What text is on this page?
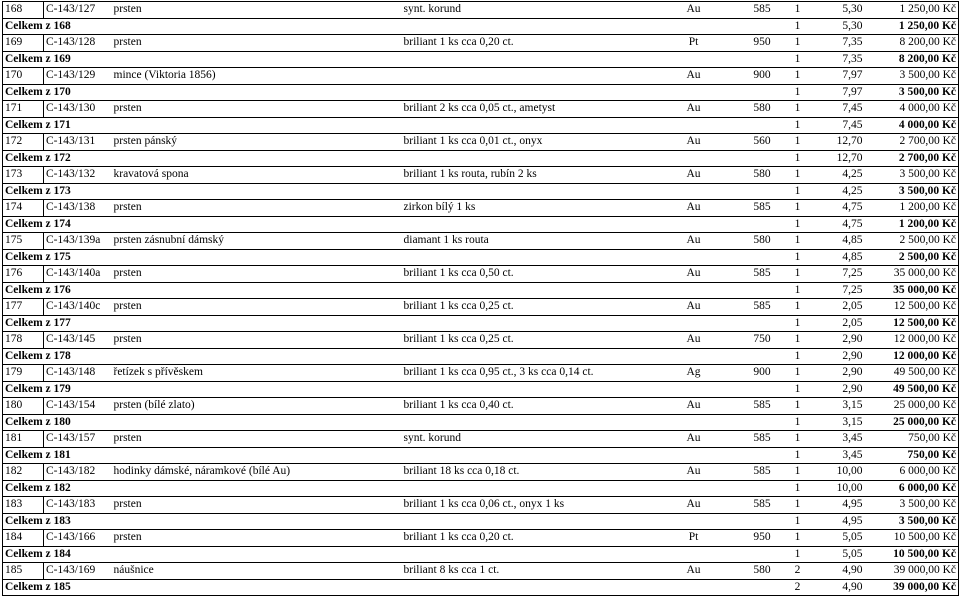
168	C-143/127	prsten	synt. korund	Au	585	1	5,30	1 250,00 Kč
Celkem z 168						1	5,30	1 250,00 Kč
169	C-143/128	prsten	briliant 1 ks cca 0,20 ct.	Pt	950	1	7,35	8 200,00 Kč
Celkem z 169						1	7,35	8 200,00 Kč
170	C-143/129	mince (Viktoria 1856)		Au	900	1	7,97	3 500,00 Kč
Celkem z 170						1	7,97	3 500,00 Kč
171	C-143/130	prsten	briliant 2 ks cca 0,05 ct., ametyst	Au	580	1	7,45	4 000,00 Kč
Celkem z 171						1	7,45	4 000,00 Kč
172	C-143/131	prsten pánský	briliant 1 ks cca 0,01 ct., onyx	Au	560	1	12,70	2 700,00 Kč
Celkem z 172						1	12,70	2 700,00 Kč
173	C-143/132	kravatová spona	briliant 1 ks routa, rubín 2 ks	Au	580	1	4,25	3 500,00 Kč
Celkem z 173						1	4,25	3 500,00 Kč
174	C-143/138	prsten	zirkon bílý 1 ks	Au	585	1	4,75	1 200,00 Kč
Celkem z 174						1	4,75	1 200,00 Kč
175	C-143/139a	prsten zásnubní dámský	diamant 1 ks routa	Au	580	1	4,85	2 500,00 Kč
Celkem z 175						1	4,85	2 500,00 Kč
176	C-143/140a	prsten	briliant 1 ks cca 0,50 ct.	Au	585	1	7,25	35 000,00 Kč
Celkem z 176						1	7,25	35 000,00 Kč
177	C-143/140c	prsten	briliant 1 ks cca 0,25 ct.	Au	585	1	2,05	12 500,00 Kč
Celkem z 177						1	2,05	12 500,00 Kč
178	C-143/145	prsten	briliant 1 ks cca 0,25 ct.	Au	750	1	2,90	12 000,00 Kč
Celkem z 178						1	2,90	12 000,00 Kč
179	C-143/148	řetízek s přívěskem	briliant 1 ks cca 0,95 ct., 3 ks cca 0,14 ct.	Ag	900	1	2,90	49 500,00 Kč
Celkem z 179						1	2,90	49 500,00 Kč
180	C-143/154	prsten (bílé zlato)	briliant 1 ks cca 0,40 ct.	Au	585	1	3,15	25 000,00 Kč
Celkem z 180						1	3,15	25 000,00 Kč
181	C-143/157	prsten	synt. korund	Au	585	1	3,45	750,00 Kč
Celkem z 181						1	3,45	750,00 Kč
182	C-143/182	hodinky dámské, náramkové (bílé Au)	briliant 18 ks cca 0,18 ct.	Au	585	1	10,00	6 000,00 Kč
Celkem z 182						1	10,00	6 000,00 Kč
183	C-143/183	prsten	briliant 1 ks cca 0,06 ct., onyx 1 ks	Au	585	1	4,95	3 500,00 Kč
Celkem z 183						1	4,95	3 500,00 Kč
184	C-143/166	prsten	briliant 1 ks cca 0,20 ct.	Pt	950	1	5,05	10 500,00 Kč
Celkem z 184						1	5,05	10 500,00 Kč
185	C-143/169	náušnice	briliant 8 ks cca 1 ct.	Au	580	2	4,90	39 000,00 Kč
Celkem z 185						2	4,90	39 000,00 Kč
